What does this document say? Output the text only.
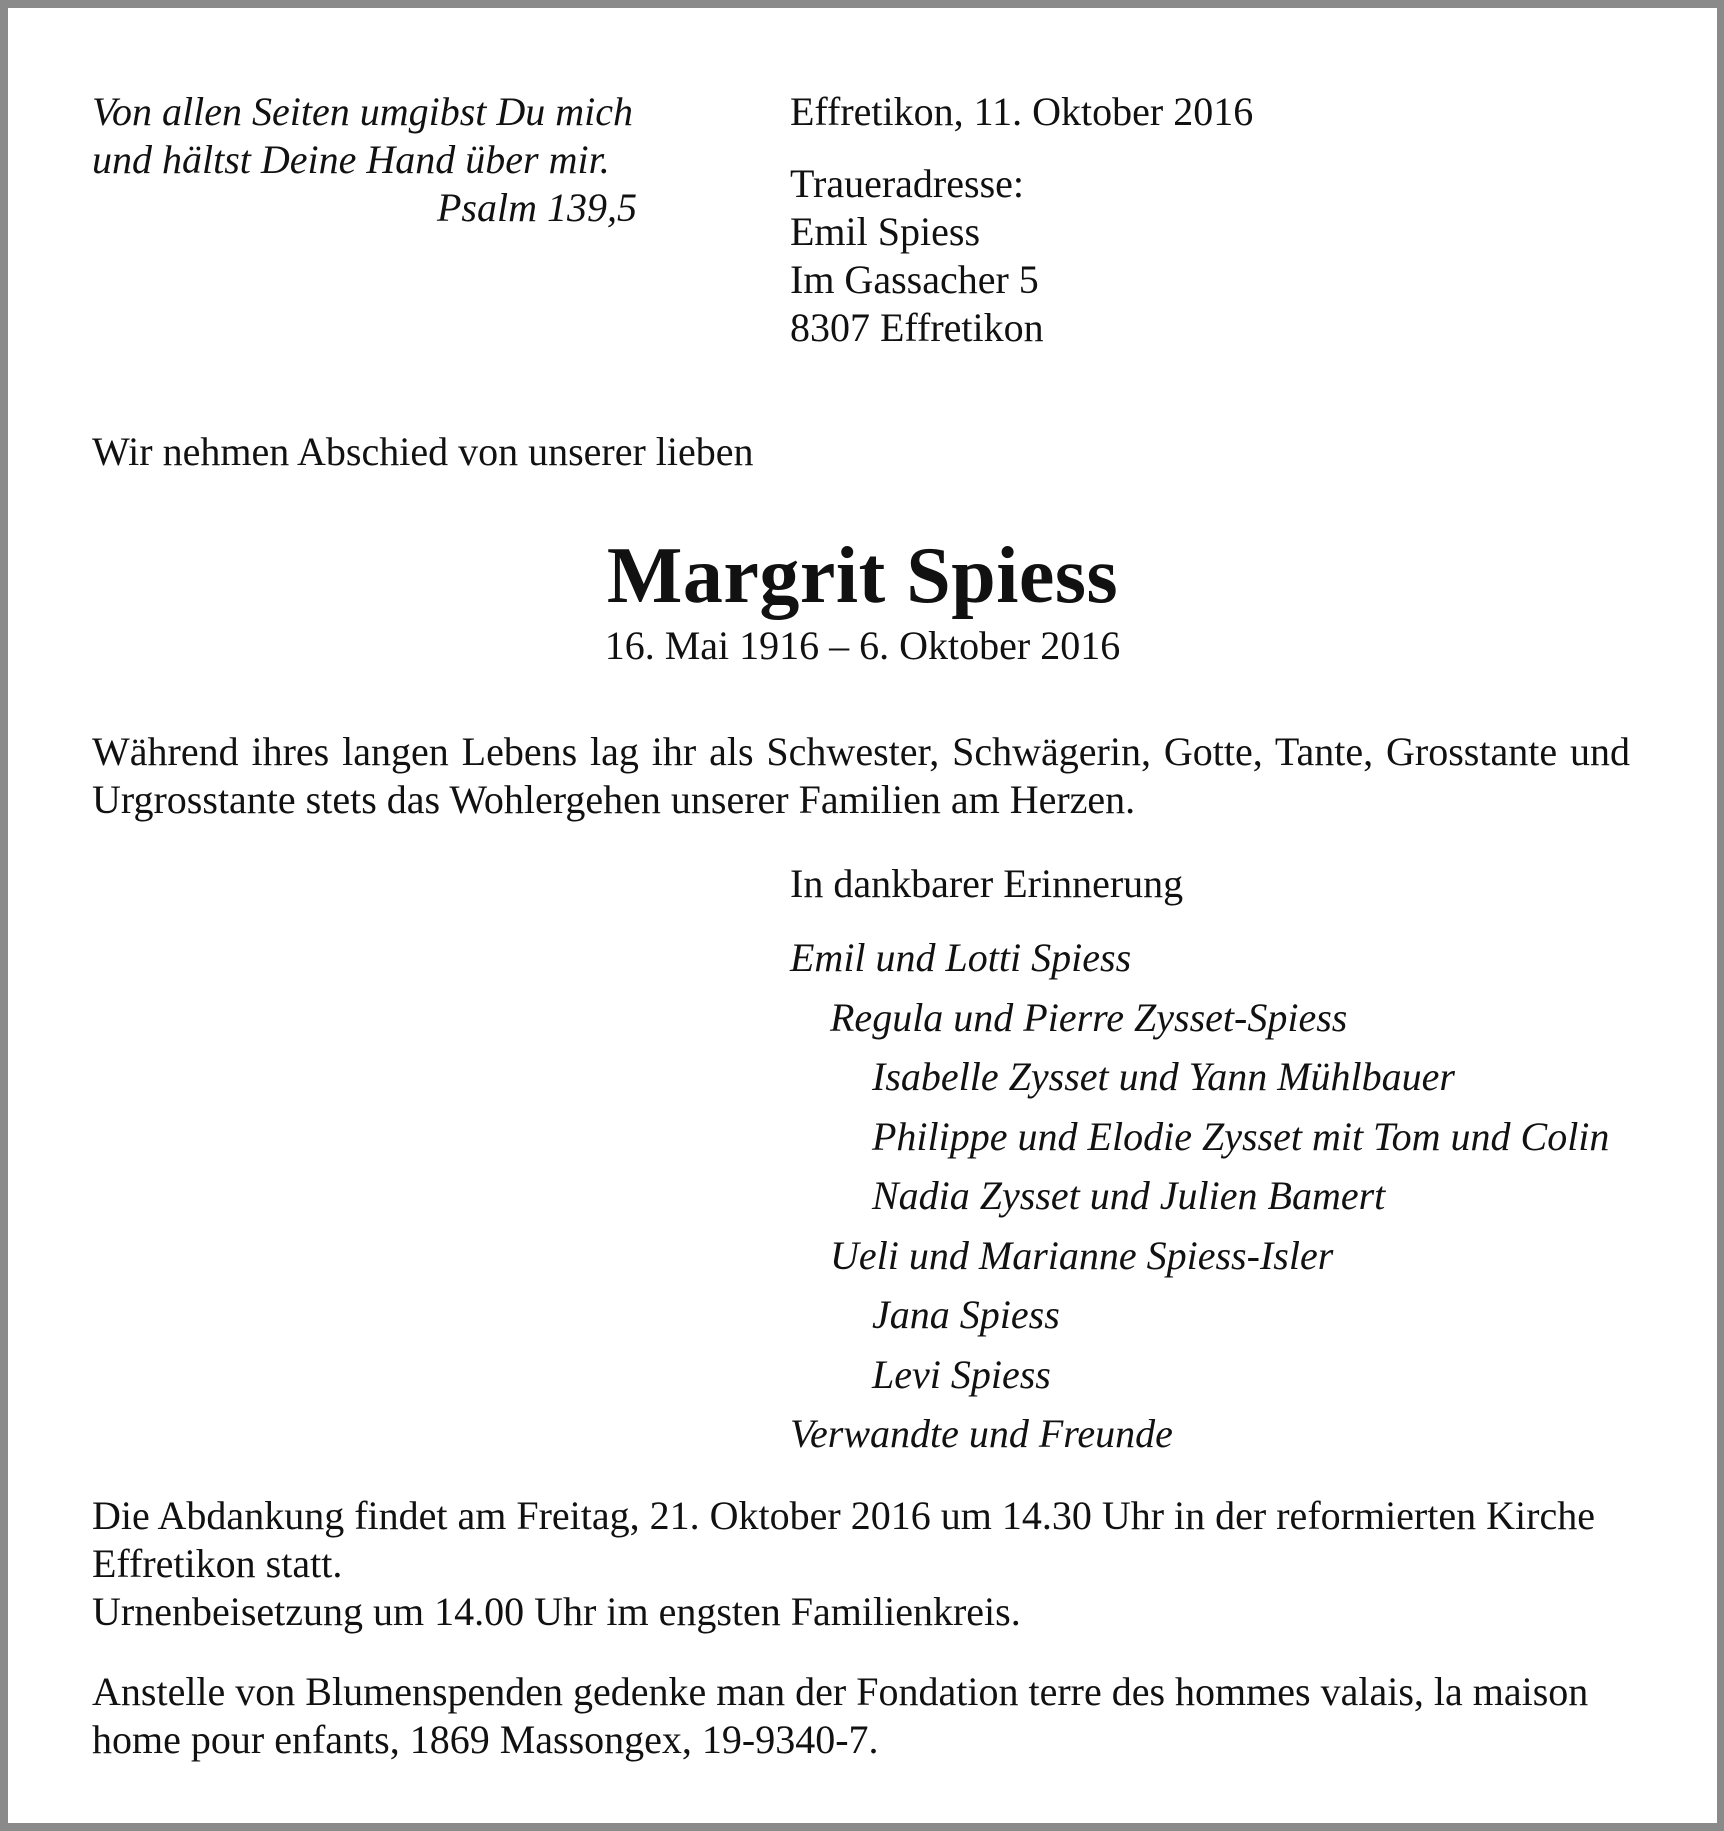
Von allen Seiten umgibst Du mich
und hältst Deine Hand über mir.
Psalm 139,5
Effretikon, 11. Oktober 2016
Traueradresse:
Emil Spiess
Im Gassacher 5
8307 Effretikon
Wir nehmen Abschied von unserer lieben
Margrit Spiess
16. Mai 1916 – 6. Oktober 2016
Während ihres langen Lebens lag ihr als Schwester, Schwägerin, Gotte, Tante, Grosstante und Urgrosstante stets das Wohlergehen unserer Familien am Herzen.
In dankbarer Erinnerung
Emil und Lotti Spiess
Regula und Pierre Zysset-Spiess
Isabelle Zysset und Yann Mühlbauer
Philippe und Elodie Zysset mit Tom und Colin
Nadia Zysset und Julien Bamert
Ueli und Marianne Spiess-Isler
Jana Spiess
Levi Spiess
Verwandte und Freunde

Die Abdankung findet am Freitag, 21. Oktober 2016 um 14.30 Uhr in der reformierten Kirche Effretikon statt.

Urnenbeisetzung um 14.00 Uhr im engsten Familienkreis.

Anstelle von Blumenspenden gedenke man der Fondation terre des hommes valais, la maison home pour enfants, 1869 Massongex, 19-9340-7.
